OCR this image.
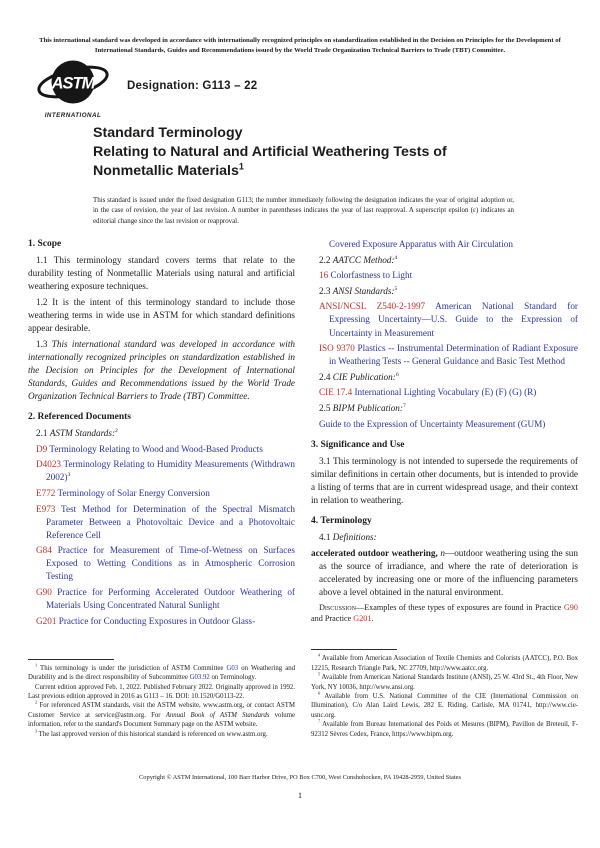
This international standard was developed in accordance with internationally recognized principles on standardization established in the Decision on Principles for the Development of International Standards, Guides and Recommendations issued by the World Trade Organization Technical Barriers to Trade (TBT) Committee.
ASTM
INTERNATIONAL
Designation: G113 – 22
Standard Terminology
Relating to Natural and Artificial Weathering Tests of
Nonmetallic Materials$^1$
This standard is issued under the fixed designation G113; the number immediately following the designation indicates the year of original adoption or, in the case of revision, the year of last revision. A number in parentheses indicates the year of last reapproval. A superscript epsilon (ε) indicates an editorial change since the last revision or reapproval.
1. Scope

1.1 This terminology standard covers terms that relate to the durability testing of Nonmetallic Materials using natural and artificial weathering exposure techniques.

1.2 It is the intent of this terminology standard to include those weathering terms in wide use in ASTM for which standard definitions appear desirable.

1.3 This international standard was developed in accordance with internationally recognized principles on standardization established in the Decision on Principles for the Development of International Standards, Guides and Recommendations issued by the World Trade Organization Technical Barriers to Trade (TBT) Committee.

2. Referenced Documents

2.1 ASTM Standards:$^2$

D9 Terminology Relating to Wood and Wood-Based Products

D4023 Terminology Relating to Humidity Measurements (Withdrawn 2002)$^3$

E772 Terminology of Solar Energy Conversion

E973 Test Method for Determination of the Spectral Mismatch Parameter Between a Photovoltaic Device and a Photovoltaic Reference Cell

G84 Practice for Measurement of Time-of-Wetness on Surfaces Exposed to Wetting Conditions as in Atmospheric Corrosion Testing

G90 Practice for Performing Accelerated Outdoor Weathering of Materials Using Concentrated Natural Sunlight

G201 Practice for Conducting Exposures in Outdoor Glass-

$^1$ This terminology is under the jurisdiction of ASTM Committee G03 on Weathering and Durability and is the direct responsibility of Subcommittee G03.92 on Terminology.

Current edition approved Feb. 1, 2022. Published February 2022. Originally approved in 1992. Last previous edition approved in 2016 as G113 – 16. DOI: 10.1520/G0113-22.

$^2$ For referenced ASTM standards, visit the ASTM website, www.astm.org, or contact ASTM Customer Service at service@astm.org. For Annual Book of ASTM Standards volume information, refer to the standard's Document Summary page on the ASTM website.

$^3$ The last approved version of this historical standard is referenced on www.astm.org.

Covered Exposure Apparatus with Air Circulation

2.2 AATCC Method:$^4$

16 Colorfastness to Light

2.3 ANSI Standards:$^5$

ANSI/NCSL Z540-2-1997 American National Standard for Expressing Uncertainty—U.S. Guide to the Expression of Uncertainty in Measurement

ISO 9370 Plastics -- Instrumental Determination of Radiant Exposure in Weathering Tests -- General Guidance and Basic Test Method

2.4 CIE Publication:$^6$

CIE 17.4 International Lighting Vocabulary (E) (F) (G) (R)

2.5 BIPM Publication:$^7$

Guide to the Expression of Uncertainty Measurement (GUM)

3. Significance and Use

3.1 This terminology is not intended to supersede the requirements of similar definitions in certain other documents, but is intended to provide a listing of terms that are in current widespread usage, and their context in relation to weathering.

4. Terminology

4.1 Definitions:

accelerated outdoor weathering, n—outdoor weathering using the sun as the source of irradiance, and where the rate of deterioration is accelerated by increasing one or more of the influencing parameters above a level obtained in the natural environment.

Discussion—Examples of these types of exposures are found in Practice G90 and Practice G201.

$^4$ Available from American Association of Textile Chemists and Colorists (AATCC), P.O. Box 12215, Research Triangle Park, NC 27709, http://www.aatcc.org.

$^5$ Available from American National Standards Institute (ANSI), 25 W. 43rd St., 4th Floor, New York, NY 10036, http://www.ansi.org.

$^6$ Available from U.S. National Committee of the CIE (International Commission on Illumination), C/o Alan Laird Lewis, 282 E. Riding, Carlisle, MA 01741, http://www.cie-usnc.org.

$^7$ Available from Bureau International des Poids et Mesures (BIPM), Pavillon de Breteuil, F-92312 Sèvres Cedex, France, https://www.bipm.org.

Copyright © ASTM International, 100 Barr Harbor Drive, PO Box C700, West Conshohocken, PA 19428-2959, United States
1
